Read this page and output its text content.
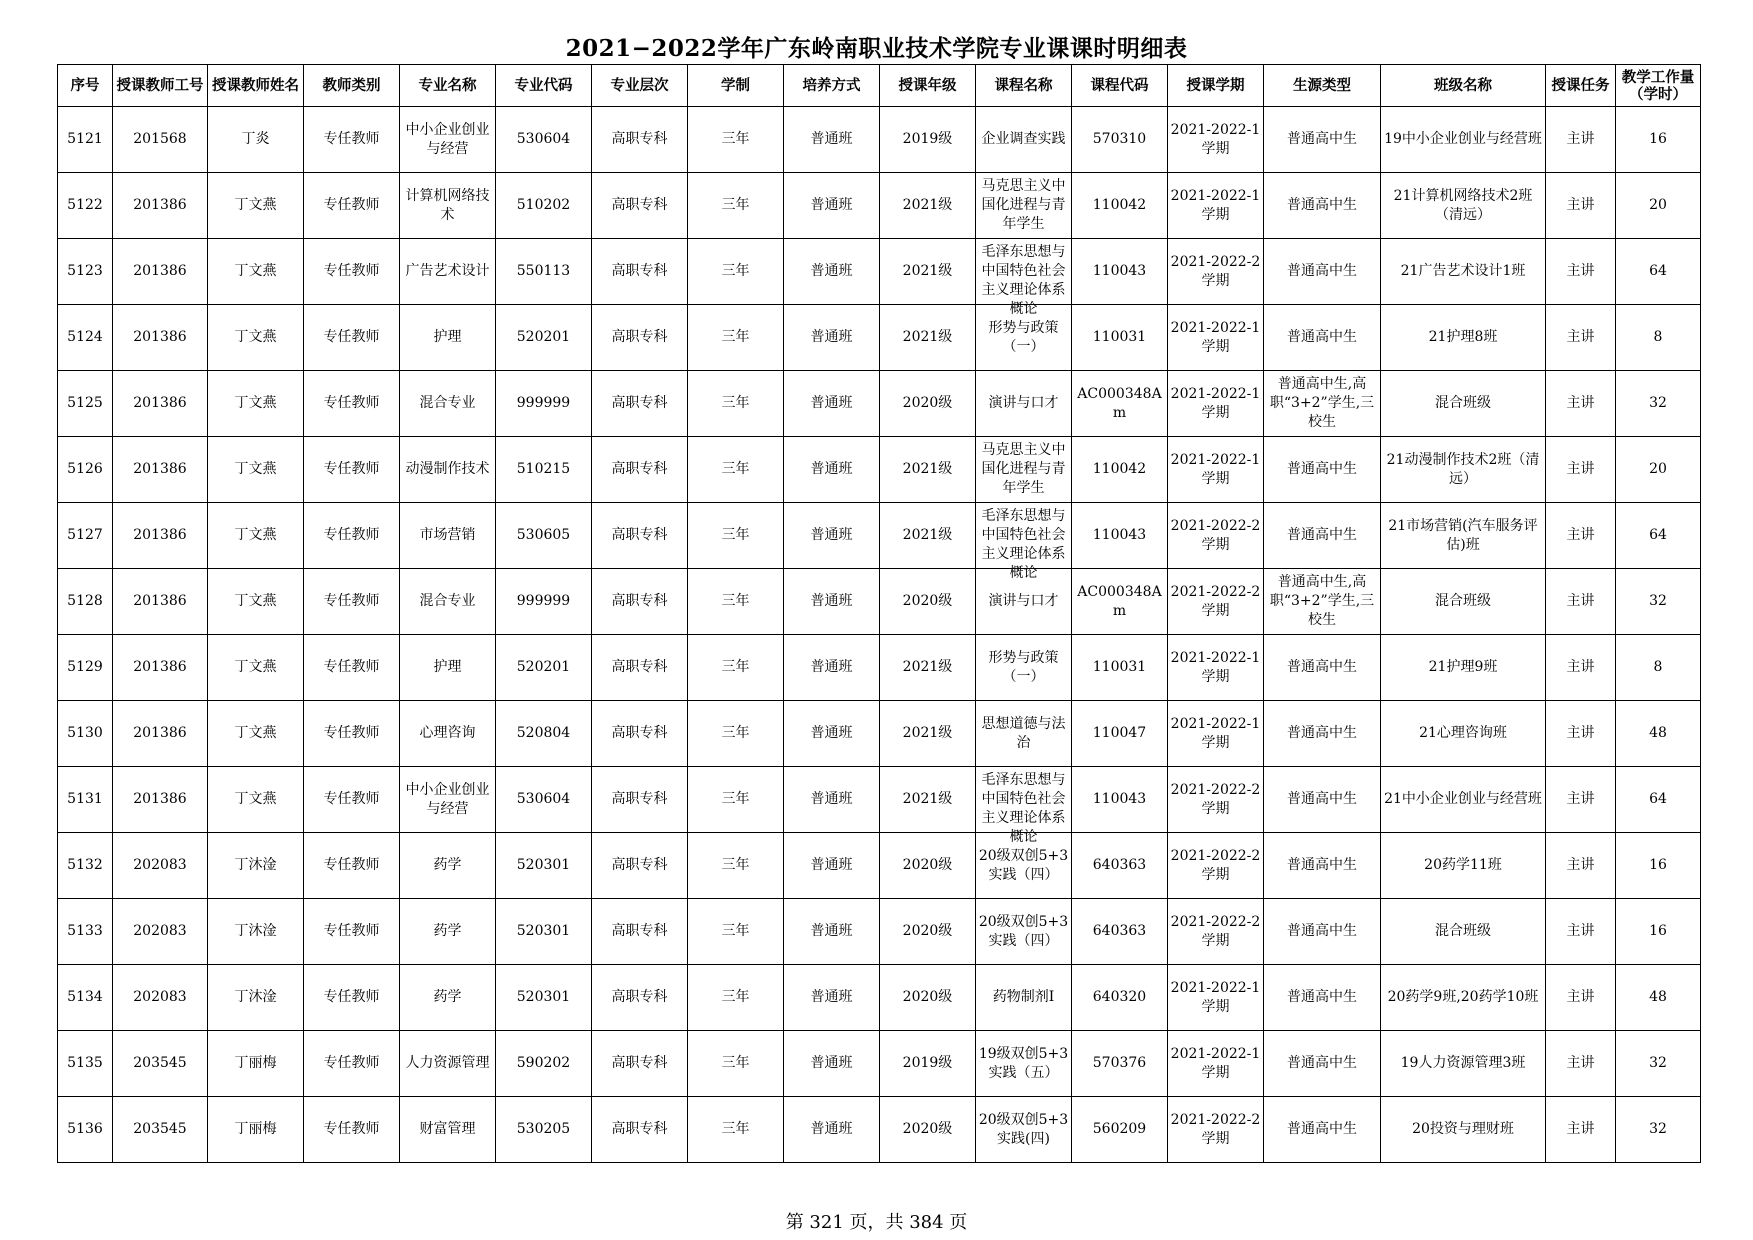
2021−2022学年广东岭南职业技术学院专业课课时明细表
序号	授课教师工号	授课教师姓名	教师类别	专业名称	专业代码	专业层次	学制	培养方式	授课年级	课程名称	课程代码	授课学期	生源类型	班级名称	授课任务	教学工作量（学时）

5121	201568	丁炎	专任教师	中小企业创业与经营	530604	高职专科	三年	普通班	2019级	企业调查实践	570310	2021-2022-1学期	普通高中生	19中小企业创业与经营班	主讲	16

5122	201386	丁文燕	专任教师	计算机网络技术	510202	高职专科	三年	普通班	2021级	马克思主义中国化进程与青年学生	110042	2021-2022-1学期	普通高中生	21计算机网络技术2班（清远）	主讲	20

5123	201386	丁文燕	专任教师	广告艺术设计	550113	高职专科	三年	普通班	2021级	毛泽东思想与中国特色社会主义理论体系概论	110043	2021-2022-2学期	普通高中生	21广告艺术设计1班	主讲	64

5124	201386	丁文燕	专任教师	护理	520201	高职专科	三年	普通班	2021级	形势与政策（一）	110031	2021-2022-1学期	普通高中生	21护理8班	主讲	8

5125	201386	丁文燕	专任教师	混合专业	999999	高职专科	三年	普通班	2020级	演讲与口才	AC000348Am	2021-2022-1学期	普通高中生,高职“3+2”学生,三校生	混合班级	主讲	32

5126	201386	丁文燕	专任教师	动漫制作技术	510215	高职专科	三年	普通班	2021级	马克思主义中国化进程与青年学生	110042	2021-2022-1学期	普通高中生	21动漫制作技术2班（清远）	主讲	20

5127	201386	丁文燕	专任教师	市场营销	530605	高职专科	三年	普通班	2021级	毛泽东思想与中国特色社会主义理论体系概论	110043	2021-2022-2学期	普通高中生	21市场营销(汽车服务评估)班	主讲	64

5128	201386	丁文燕	专任教师	混合专业	999999	高职专科	三年	普通班	2020级	演讲与口才	AC000348Am	2021-2022-2学期	普通高中生,高职“3+2”学生,三校生	混合班级	主讲	32

5129	201386	丁文燕	专任教师	护理	520201	高职专科	三年	普通班	2021级	形势与政策（一）	110031	2021-2022-1学期	普通高中生	21护理9班	主讲	8

5130	201386	丁文燕	专任教师	心理咨询	520804	高职专科	三年	普通班	2021级	思想道德与法治	110047	2021-2022-1学期	普通高中生	21心理咨询班	主讲	48

5131	201386	丁文燕	专任教师	中小企业创业与经营	530604	高职专科	三年	普通班	2021级	毛泽东思想与中国特色社会主义理论体系概论	110043	2021-2022-2学期	普通高中生	21中小企业创业与经营班	主讲	64

5132	202083	丁沐淦	专任教师	药学	520301	高职专科	三年	普通班	2020级	20级双创5+3实践（四）	640363	2021-2022-2学期	普通高中生	20药学11班	主讲	16

5133	202083	丁沐淦	专任教师	药学	520301	高职专科	三年	普通班	2020级	20级双创5+3实践（四）	640363	2021-2022-2学期	普通高中生	混合班级	主讲	16

5134	202083	丁沐淦	专任教师	药学	520301	高职专科	三年	普通班	2020级	药物制剂Ⅰ	640320	2021-2022-1学期	普通高中生	20药学9班,20药学10班	主讲	48

5135	203545	丁丽梅	专任教师	人力资源管理	590202	高职专科	三年	普通班	2019级	19级双创5+3实践（五）	570376	2021-2022-1学期	普通高中生	19人力资源管理3班	主讲	32

5136	203545	丁丽梅	专任教师	财富管理	530205	高职专科	三年	普通班	2020级	20级双创5+3实践(四)	560209	2021-2022-2学期	普通高中生	20投资与理财班	主讲	32
第 321 页，共 384 页
